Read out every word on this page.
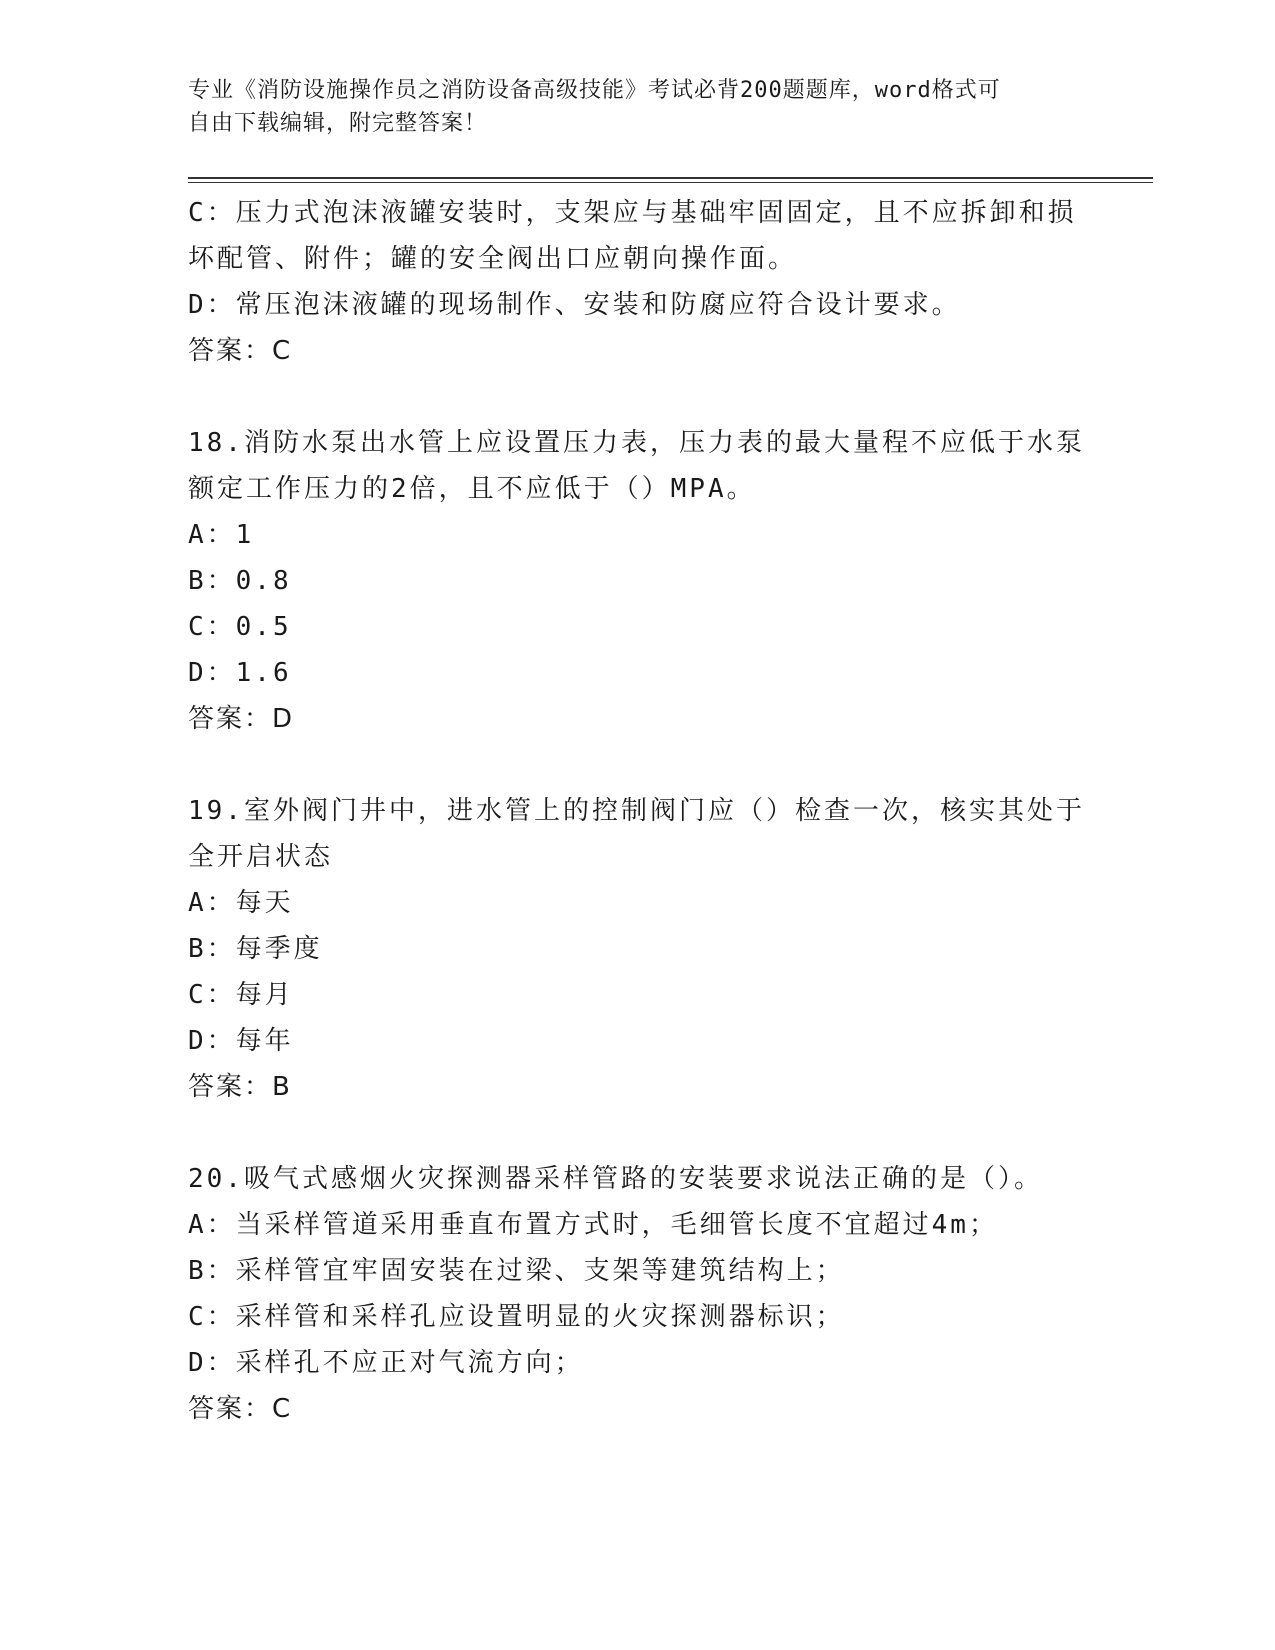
专业《消防设施操作员之消防设备高级技能》考试必背200题题库，word格式可
自由下载编辑，附完整答案！
C：压力式泡沫液罐安装时，支架应与基础牢固固定，且不应拆卸和损
坏配管、附件；罐的安全阀出口应朝向操作面。
D：常压泡沫液罐的现场制作、安装和防腐应符合设计要求。
答案：C
18.消防水泵出水管上应设置压力表，压力表的最大量程不应低于水泵
额定工作压力的2倍，且不应低于（）MPA。
A：1
B：0.8
C：0.5
D：1.6
答案：D
19.室外阀门井中，进水管上的控制阀门应（）检查一次，核实其处于
全开启状态
A：每天
B：每季度
C：每月
D：每年
答案：B
20.吸气式感烟火灾探测器采样管路的安装要求说法正确的是（）。
A：当采样管道采用垂直布置方式时，毛细管长度不宜超过4m；
B：采样管宜牢固安装在过梁、支架等建筑结构上；
C：采样管和采样孔应设置明显的火灾探测器标识；
D：采样孔不应正对气流方向；
答案：C
